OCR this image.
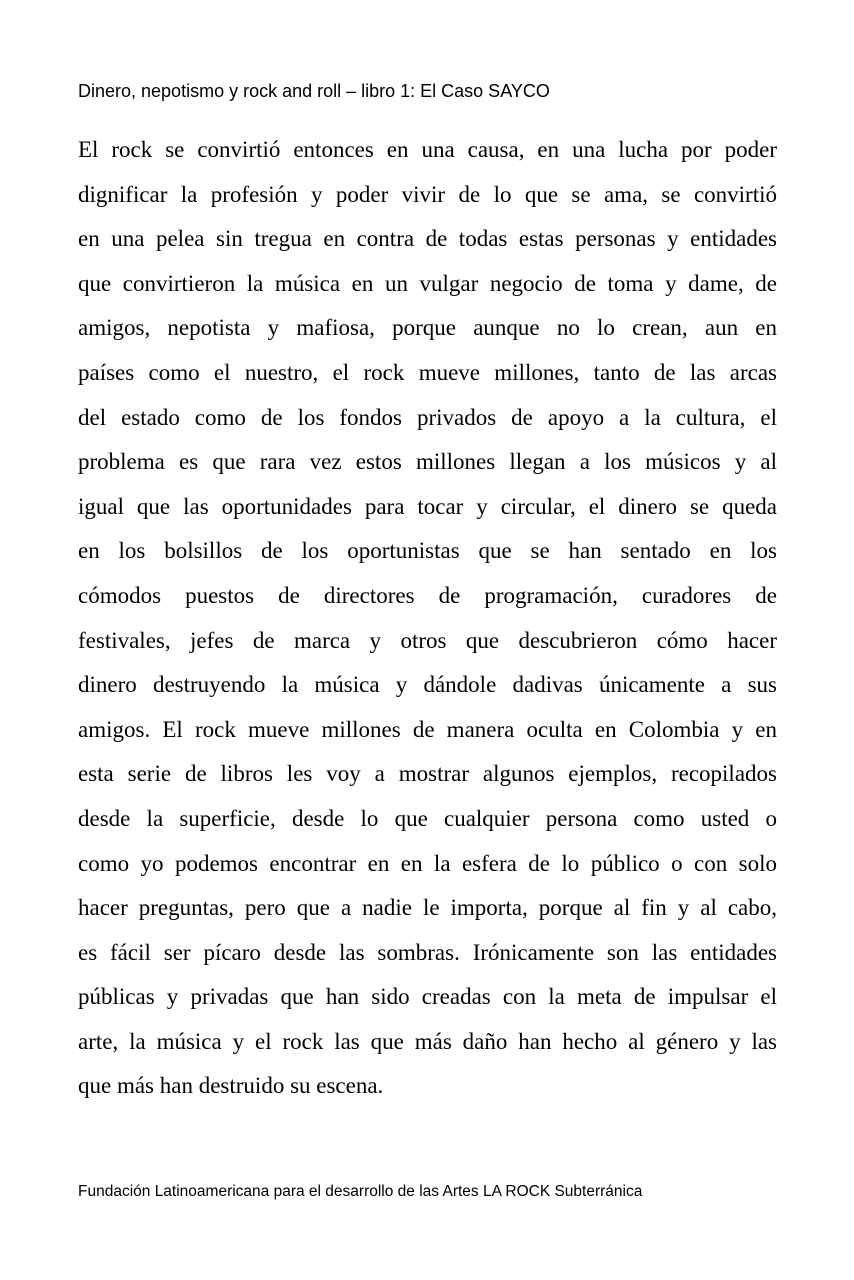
Dinero, nepotismo y rock and roll – libro 1: El Caso SAYCO
El rock se convirtió entonces en una causa, en una lucha por poder
dignificar la profesión y poder vivir de lo que se ama, se convirtió
en una pelea sin tregua en contra de todas estas personas y entidades
que convirtieron la música en un vulgar negocio de toma y dame, de
amigos, nepotista y mafiosa, porque aunque no lo crean, aun en
países como el nuestro, el rock mueve millones, tanto de las arcas
del estado como de los fondos privados de apoyo a la cultura, el
problema es que rara vez estos millones llegan a los músicos y al
igual que las oportunidades para tocar y circular, el dinero se queda
en los bolsillos de los oportunistas que se han sentado en los
cómodos puestos de directores de programación, curadores de
festivales, jefes de marca y otros que descubrieron cómo hacer
dinero destruyendo la música y dándole dadivas únicamente a sus
amigos. El rock mueve millones de manera oculta en Colombia y en
esta serie de libros les voy a mostrar algunos ejemplos, recopilados
desde la superficie, desde lo que cualquier persona como usted o
como yo podemos encontrar en en la esfera de lo público o con solo
hacer preguntas, pero que a nadie le importa, porque al fin y al cabo,
es fácil ser pícaro desde las sombras. Irónicamente son las entidades
públicas y privadas que han sido creadas con la meta de impulsar el
arte, la música y el rock las que más daño han hecho al género y las
que más han destruido su escena.
Fundación Latinoamericana para el desarrollo de las Artes LA ROCK Subterránica
